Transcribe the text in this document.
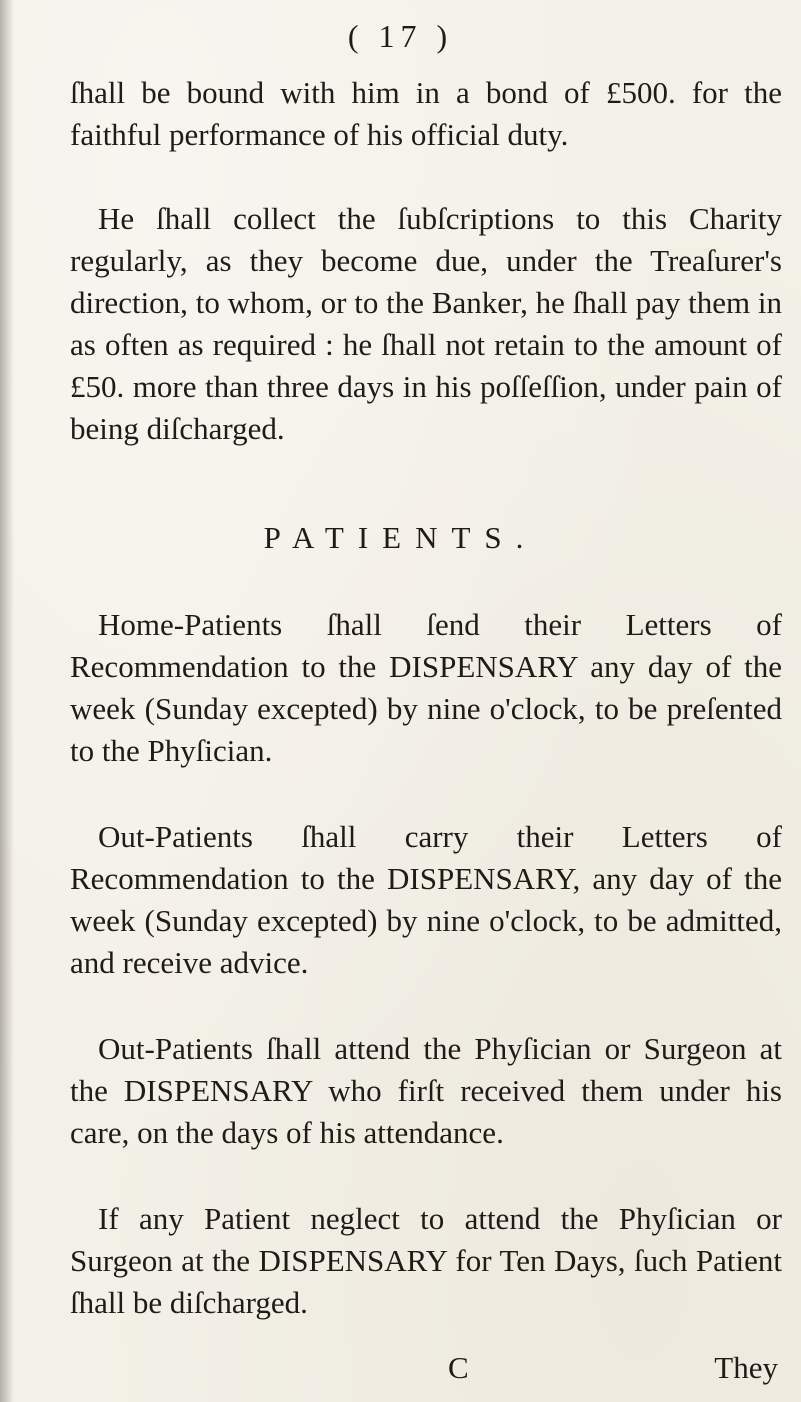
( 17 )

ſhall be bound with him in a bond of £500. for the faithful performance of his official duty.

He ſhall collect the ſubſcriptions to this Charity regularly, as they become due, under the Treaſurer's direction, to whom, or to the Banker, he ſhall pay them in as often as required : he ſhall not retain to the amount of £50. more than three days in his poſſeſſion, under pain of being diſcharged.

PATIENTS.

Home-Patients ſhall ſend their Letters of Recommendation to the DISPENSARY any day of the week (Sunday excepted) by nine o'clock, to be preſented to the Phyſician.

Out-Patients ſhall carry their Letters of Recommendation to the DISPENSARY, any day of the week (Sunday excepted) by nine o'clock, to be admitted, and receive advice.

Out-Patients ſhall attend the Phyſician or Surgeon at the DISPENSARY who firſt received them under his care, on the days of his attendance.

If any Patient neglect to attend the Phyſician or Surgeon at the DISPENSARY for Ten Days, ſuch Patient ſhall be diſcharged.

C	They
